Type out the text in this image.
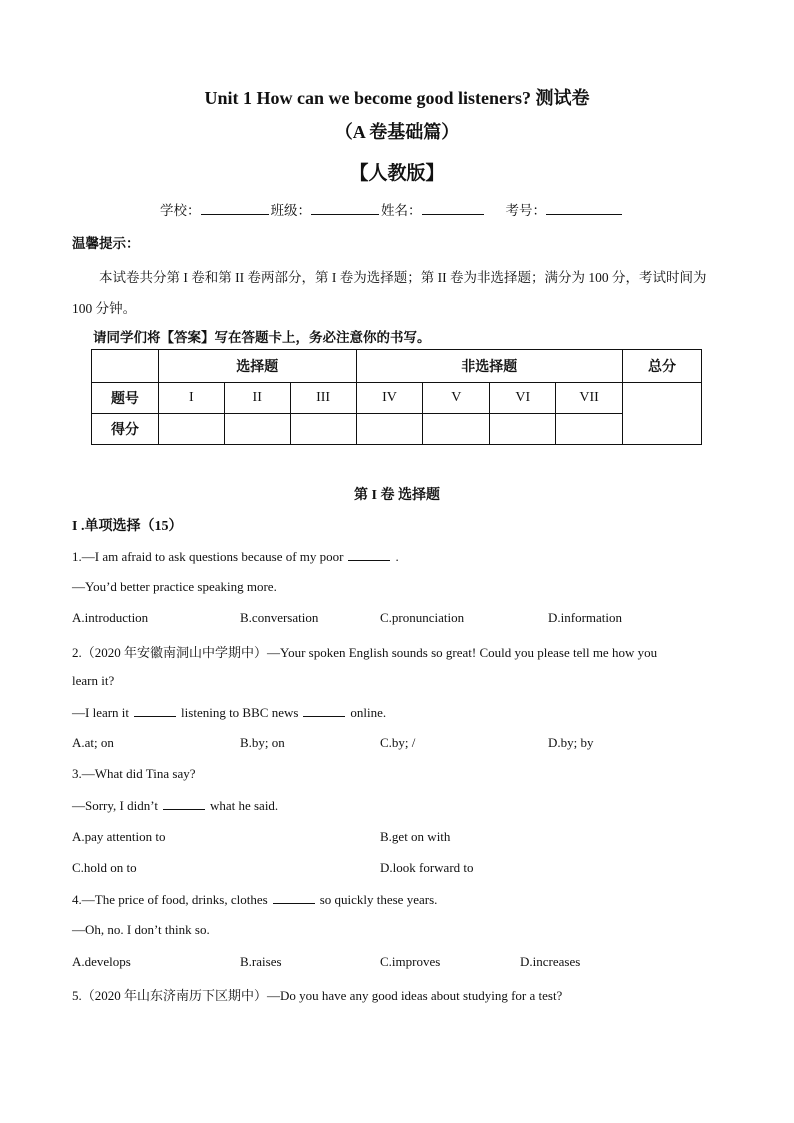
Unit 1 How can we become good listeners? 测试卷
（A 卷基础篇）
【人教版】
学校：	班级：	姓名：	考号：
温馨提示：
本试卷共分第 I 卷和第 II 卷两部分，第 I 卷为选择题；第 II 卷为非选择题；满分为 100 分，考试时间为 100 分钟。
请同学们将【答案】写在答题卡上，务必注意你的书写。
	选择题			非选择题				总分
题号	I	II	III	IV	V	VI	VII	
得分								
第 I 卷 选择题
I .单项选择（15）
1.—I am afraid to ask questions because of my poor	.
—You’d better practice speaking more.
A.introduction	B.conversation	C.pronunciation	D.information
2.（2020 年安徽南洞山中学期中）—Your spoken English sounds so great! Could you please tell me how you
learn it?
—I learn it	listening to BBC news	online.
A.at; on	B.by; on	C.by; /	D.by; by
3.—What did Tina say?
—Sorry, I didn’t	what he said.
A.pay attention to	B.get on with
C.hold on to	D.look forward to
4.—The price of food, drinks, clothes	so quickly these years.
—Oh, no. I don’t think so.
A.develops	B.raises	C.improves	D.increases
5.（2020 年山东济南历下区期中）—Do you have any good ideas about studying for a test?
